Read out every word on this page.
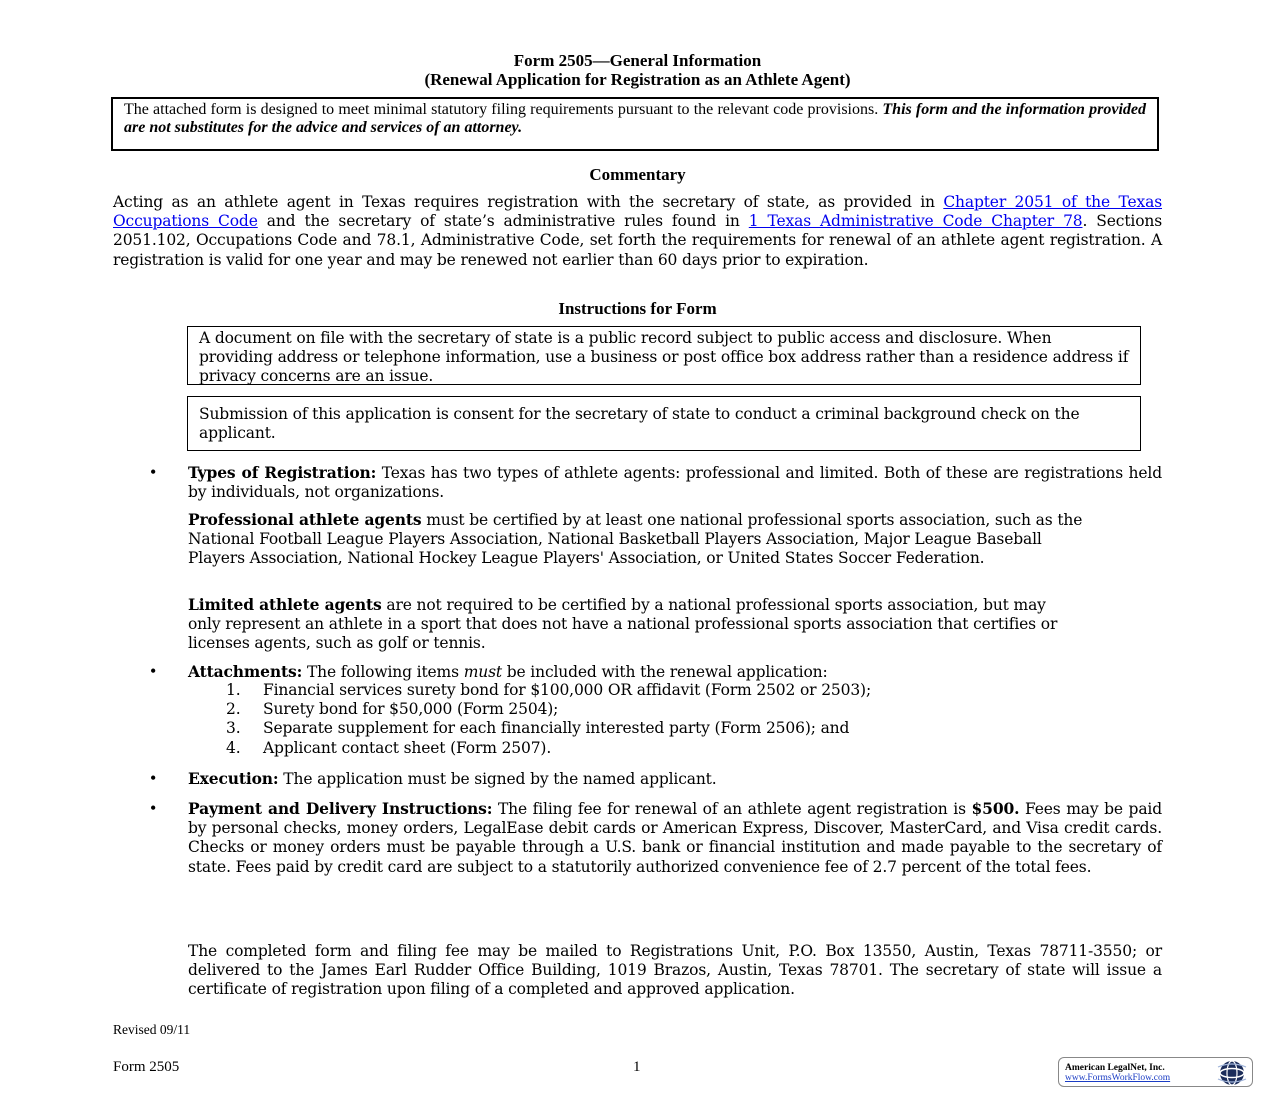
Form 2505—General Information
(Renewal Application for Registration as an Athlete Agent)
The attached form is designed to meet minimal statutory filing requirements pursuant to the relevant code provisions. This form and the information provided are not substitutes for the advice and services of an attorney.
Commentary
Acting as an athlete agent in Texas requires registration with the secretary of state, as provided in Chapter 2051 of the Texas Occupations Code and the secretary of state’s administrative rules found in 1 Texas Administrative Code Chapter 78. Sections 2051.102, Occupations Code and 78.1, Administrative Code, set forth the requirements for renewal of an athlete agent registration. A registration is valid for one year and may be renewed not earlier than 60 days prior to expiration.
Instructions for Form
A document on file with the secretary of state is a public record subject to public access and disclosure. When providing address or telephone information, use a business or post office box address rather than a residence address if privacy concerns are an issue.
Submission of this application is consent for the secretary of state to conduct a criminal background check on the applicant.
• Types of Registration: Texas has two types of athlete agents: professional and limited. Both of these are registrations held by individuals, not organizations.
Professional athlete agents must be certified by at least one national professional sports association, such as the National Football League Players Association, National Basketball Players Association, Major League Baseball Players Association, National Hockey League Players' Association, or United States Soccer Federation.
Limited athlete agents are not required to be certified by a national professional sports association, but may only represent an athlete in a sport that does not have a national professional sports association that certifies or licenses agents, such as golf or tennis.
• Attachments: The following items must be included with the renewal application:
1. Financial services surety bond for $100,000 OR affidavit (Form 2502 or 2503);
2. Surety bond for $50,000 (Form 2504);
3. Separate supplement for each financially interested party (Form 2506); and
4. Applicant contact sheet (Form 2507).
• Execution: The application must be signed by the named applicant.
• Payment and Delivery Instructions: The filing fee for renewal of an athlete agent registration is $500. Fees may be paid by personal checks, money orders, LegalEase debit cards or American Express, Discover, MasterCard, and Visa credit cards. Checks or money orders must be payable through a U.S. bank or financial institution and made payable to the secretary of state. Fees paid by credit card are subject to a statutorily authorized convenience fee of 2.7 percent of the total fees.
The completed form and filing fee may be mailed to Registrations Unit, P.O. Box 13550, Austin, Texas 78711-3550; or delivered to the James Earl Rudder Office Building, 1019 Brazos, Austin, Texas 78701. The secretary of state will issue a certificate of registration upon filing of a completed and approved application.
Revised 09/11
Form 2505	1	American LegalNet, Inc.
www.FormsWorkFlow.com
